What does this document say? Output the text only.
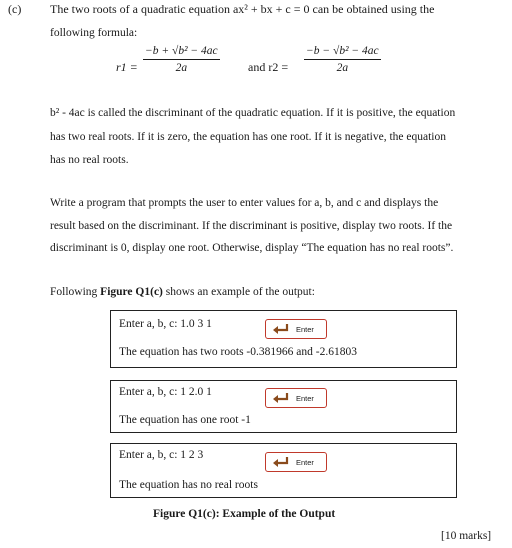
(c) The two roots of a quadratic equation ax² + bx + c = 0 can be obtained using the
following formula:
$r1 = \frac{\text{−b + √b² − 4ac}}{2a}$ and $r2 = \frac{\text{−b − √b² − 4ac}}{2a}$
b² - 4ac is called the discriminant of the quadratic equation. If it is positive, the equation
has two real roots. If it is zero, the equation has one root. If it is negative, the equation
has no real roots.
Write a program that prompts the user to enter values for a, b, and c and displays the
result based on the discriminant. If the discriminant is positive, display two roots. If the
discriminant is 0, display one root. Otherwise, display “The equation has no real roots”.
Following Figure Q1(c) shows an example of the output:
Enter a, b, c: 1.0 3 1	Enter
The equation has two roots -0.381966 and -2.61803
Enter a, b, c: 1 2.0 1
Enter
The equation has one root -1
Enter a, b, c: 1 2 3
Enter
The equation has no real roots
Figure Q1(c): Example of the Output
[10 marks]
